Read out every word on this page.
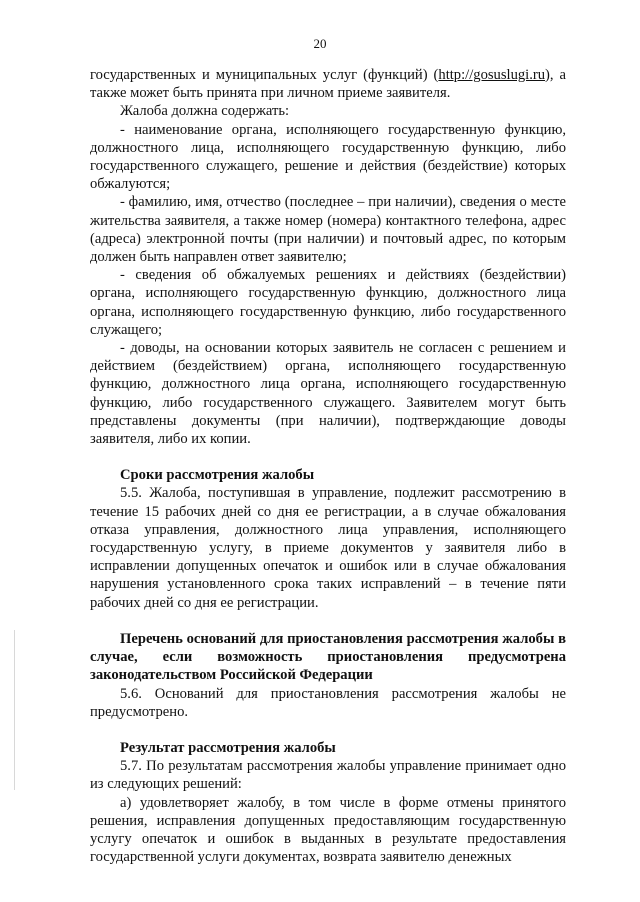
20

государственных и муниципальных услуг (функций) (http://gosuslugi.ru), а также может быть принята при личном приеме заявителя.

Жалоба должна содержать:

- наименование органа, исполняющего государственную функцию, должностного лица, исполняющего государственную функцию, либо государственного служащего, решение и действия (бездействие) которых обжалуются;

- фамилию, имя, отчество (последнее – при наличии), сведения о месте жительства заявителя, а также номер (номера) контактного телефона, адрес (адреса) электронной почты (при наличии) и почтовый адрес, по которым должен быть направлен ответ заявителю;

- сведения об обжалуемых решениях и действиях (бездействии) органа, исполняющего государственную функцию, должностного лица органа, исполняющего государственную функцию, либо государственного служащего;

- доводы, на основании которых заявитель не согласен с решением и действием (бездействием) органа, исполняющего государственную функцию, должностного лица органа, исполняющего государственную функцию, либо государственного служащего. Заявителем могут быть представлены документы (при наличии), подтверждающие доводы заявителя, либо их копии.

Сроки рассмотрения жалобы

5.5. Жалоба, поступившая в управление, подлежит рассмотрению в течение 15 рабочих дней со дня ее регистрации, а в случае обжалования отказа управления, должностного лица управления, исполняющего государственную услугу, в приеме документов у заявителя либо в исправлении допущенных опечаток и ошибок или в случае обжалования нарушения установленного срока таких исправлений – в течение пяти рабочих дней со дня ее регистрации.

Перечень оснований для приостановления рассмотрения жалобы в случае, если возможность приостановления предусмотрена законодательством Российской Федерации

5.6. Оснований для приостановления рассмотрения жалобы не предусмотрено.

Результат рассмотрения жалобы

5.7. По результатам рассмотрения жалобы управление принимает одно из следующих решений:

а) удовлетворяет жалобу, в том числе в форме отмены принятого решения, исправления допущенных предоставляющим государственную услугу опечаток и ошибок в выданных в результате предоставления государственной услуги документах, возврата заявителю денежных
